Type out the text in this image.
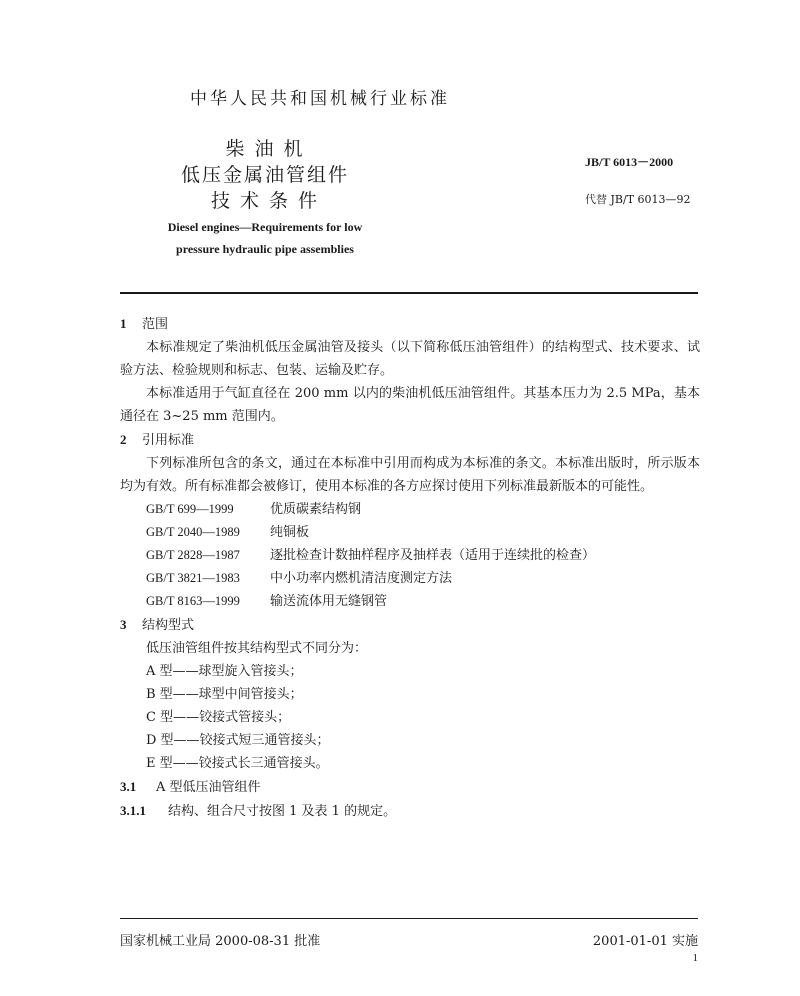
中华人民共和国机械行业标准
柴 油 机
低压金属油管组件
技 术 条 件
JB/T 6013－2000
代替 JB/T 6013—92
Diesel engines—Requirements for low
pressure hydraulic pipe assemblies

1 范围

本标准规定了柴油机低压金属油管及接头（以下简称低压油管组件）的结构型式、技术要求、试验方法、检验规则和标志、包装、运输及贮存。

本标准适用于气缸直径在 200 mm 以内的柴油机低压油管组件。其基本压力为 2.5 MPa，基本通径在 3~25 mm 范围内。

2 引用标准

下列标准所包含的条文，通过在本标准中引用而构成为本标准的条文。本标准出版时，所示版本均为有效。所有标准都会被修订，使用本标准的各方应探讨使用下列标准最新版本的可能性。

GB/T 699—1999	优质碳素结构钢
GB/T 2040—1989	纯铜板
GB/T 2828—1987	逐批检查计数抽样程序及抽样表（适用于连续批的检查）
GB/T 3821—1983	中小功率内燃机清洁度测定方法
GB/T 8163—1999	输送流体用无缝钢管

3 结构型式

低压油管组件按其结构型式不同分为：

A 型——球型旋入管接头；

B 型——球型中间管接头；

C 型——铰接式管接头；

D 型——铰接式短三通管接头；

E 型——铰接式长三通管接头。

3.1 A 型低压油管组件

3.1.1 结构、组合尺寸按图 1 及表 1 的规定。

国家机械工业局 2000-08-31 批准	2001-01-01 实施
1
